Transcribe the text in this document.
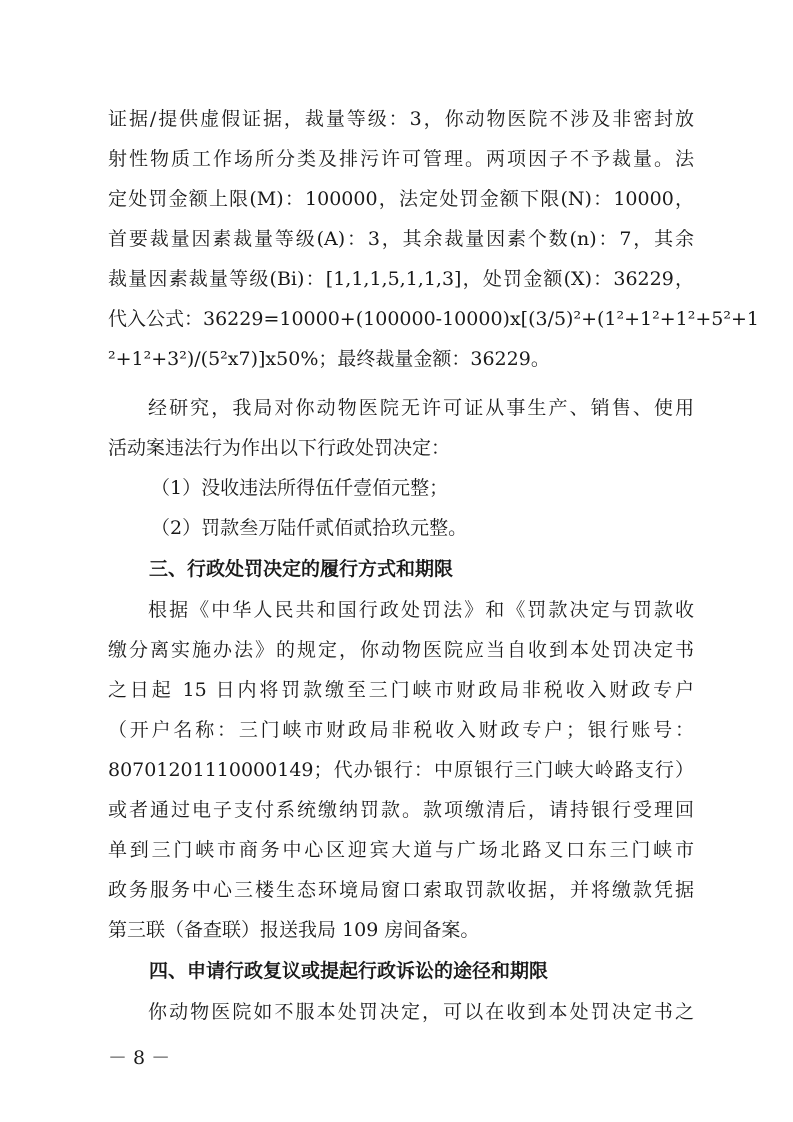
证据/提供虚假证据，裁量等级：3，你动物医院不涉及非密封放
射性物质工作场所分类及排污许可管理。两项因子不予裁量。法
定处罚金额上限(M)：100000，法定处罚金额下限(N)：10000，
首要裁量因素裁量等级(A)：3，其余裁量因素个数(n)：7，其余
裁量因素裁量等级(Bi)：[1,1,1,5,1,1,3]，处罚金额(X)：36229，
代入公式：36229=10000+(100000-10000)x[(3/5)²+(1²+1²+1²+5²+1
²+1²+3²)/(5²x7)]x50%；最终裁量金额：36229。
经研究，我局对你动物医院无许可证从事生产、销售、使用
活动案违法行为作出以下行政处罚决定：
（1）没收违法所得伍仟壹佰元整；
（2）罚款叁万陆仟贰佰贰拾玖元整。
三、行政处罚决定的履行方式和期限
根据《中华人民共和国行政处罚法》和《罚款决定与罚款收
缴分离实施办法》的规定，你动物医院应当自收到本处罚决定书
之日起 15 日内将罚款缴至三门峡市财政局非税收入财政专户
（开户名称：三门峡市财政局非税收入财政专户；银行账号：
80701201110000149；代办银行：中原银行三门峡大岭路支行）
或者通过电子支付系统缴纳罚款。款项缴清后，请持银行受理回
单到三门峡市商务中心区迎宾大道与广场北路叉口东三门峡市
政务服务中心三楼生态环境局窗口索取罚款收据，并将缴款凭据
第三联（备查联）报送我局 109 房间备案。
四、申请行政复议或提起行政诉讼的途径和期限
你动物医院如不服本处罚决定，可以在收到本处罚决定书之
－ 8 －
